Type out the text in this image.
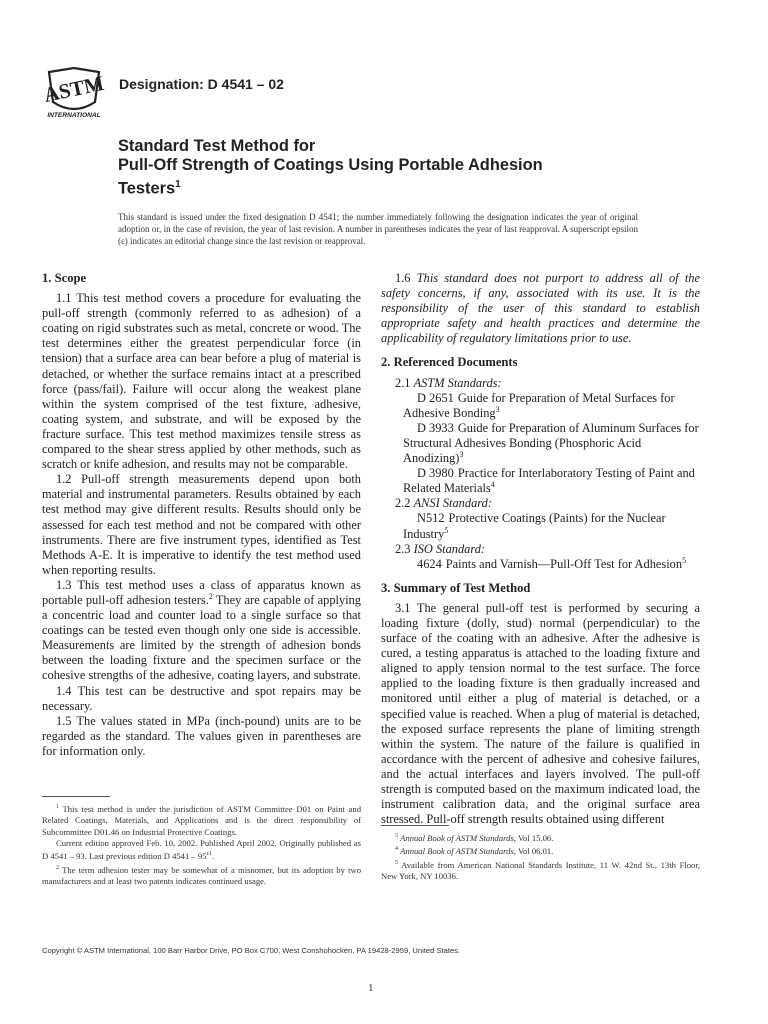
ASTM
INTERNATIONAL
Designation: D 4541 – 02
Standard Test Method for
Pull-Off Strength of Coatings Using Portable Adhesion
Testers$^1$
This standard is issued under the fixed designation D 4541; the number immediately following the designation indicates the year of original adoption or, in the case of revision, the year of last revision. A number in parentheses indicates the year of last reapproval. A superscript epsilon (ε) indicates an editorial change since the last revision or reapproval.
1. Scope

1.1 This test method covers a procedure for evaluating the pull-off strength (commonly referred to as adhesion) of a coating on rigid substrates such as metal, concrete or wood. The test determines either the greatest perpendicular force (in tension) that a surface area can bear before a plug of material is detached, or whether the surface remains intact at a prescribed force (pass/fail). Failure will occur along the weakest plane within the system comprised of the test fixture, adhesive, coating system, and substrate, and will be exposed by the fracture surface. This test method maximizes tensile stress as compared to the shear stress applied by other methods, such as scratch or knife adhesion, and results may not be comparable.

1.2 Pull-off strength measurements depend upon both material and instrumental parameters. Results obtained by each test method may give different results. Results should only be assessed for each test method and not be compared with other instruments. There are five instrument types, identified as Test Methods A-E. It is imperative to identify the test method used when reporting results.

1.3 This test method uses a class of apparatus known as portable pull-off adhesion testers.$^2$ They are capable of applying a concentric load and counter load to a single surface so that coatings can be tested even though only one side is accessible. Measurements are limited by the strength of adhesion bonds between the loading fixture and the specimen surface or the cohesive strengths of the adhesive, coating layers, and substrate.

1.4 This test can be destructive and spot repairs may be necessary.

1.5 The values stated in MPa (inch-pound) units are to be regarded as the standard. The values given in parentheses are for information only.

1.6 This standard does not purport to address all of the safety concerns, if any, associated with its use. It is the responsibility of the user of this standard to establish appropriate safety and health practices and determine the applicability of regulatory limitations prior to use.

2. Referenced Documents
2.1 ASTM Standards:

D 2651 Guide for Preparation of Metal Surfaces for Adhesive Bonding$^3$

D 3933 Guide for Preparation of Aluminum Surfaces for Structural Adhesives Bonding (Phosphoric Acid Anodizing)$^3$

D 3980 Practice for Interlaboratory Testing of Paint and Related Materials$^4$

2.2 ANSI Standard:

N512 Protective Coatings (Paints) for the Nuclear Industry$^5$

2.3 ISO Standard:

4624 Paints and Varnish—Pull-Off Test for Adhesion$^5$

3. Summary of Test Method

3.1 The general pull-off test is performed by securing a loading fixture (dolly, stud) normal (perpendicular) to the surface of the coating with an adhesive. After the adhesive is cured, a testing apparatus is attached to the loading fixture and aligned to apply tension normal to the test surface. The force applied to the loading fixture is then gradually increased and monitored until either a plug of material is detached, or a specified value is reached. When a plug of material is detached, the exposed surface represents the plane of limiting strength within the system. The nature of the failure is qualified in accordance with the percent of adhesive and cohesive failures, and the actual interfaces and layers involved. The pull-off strength is computed based on the maximum indicated load, the instrument calibration data, and the original surface area stressed. Pull-off strength results obtained using different

$^1$ This test method is under the jurisdiction of ASTM Committee D01 on Paint and Related Coatings, Materials, and Applications and is the direct responsibility of Subcommittee D01.46 on Industrial Protective Coatings.

Current edition approved Feb. 10, 2002. Published April 2002. Originally published as D 4541 – 93. Last previous edition D $4541 - 95^{\varepsilon 1}$.

$^2$ The term adhesion tester may be somewhat of a misnomer, but its adoption by two manufacturers and at least two patents indicates continued usage.

$^3$ Annual Book of ASTM Standards, Vol 15.06.

$^4$ Annual Book of ASTM Standards, Vol 06.01.

$^5$ Available from American National Standards Institute, 11 W. 42nd St., 13th Floor, New York, NY 10036.

Copyright © ASTM International, 100 Barr Harbor Drive, PO Box C700, West Conshohocken, PA 19428-2959, United States.
1
